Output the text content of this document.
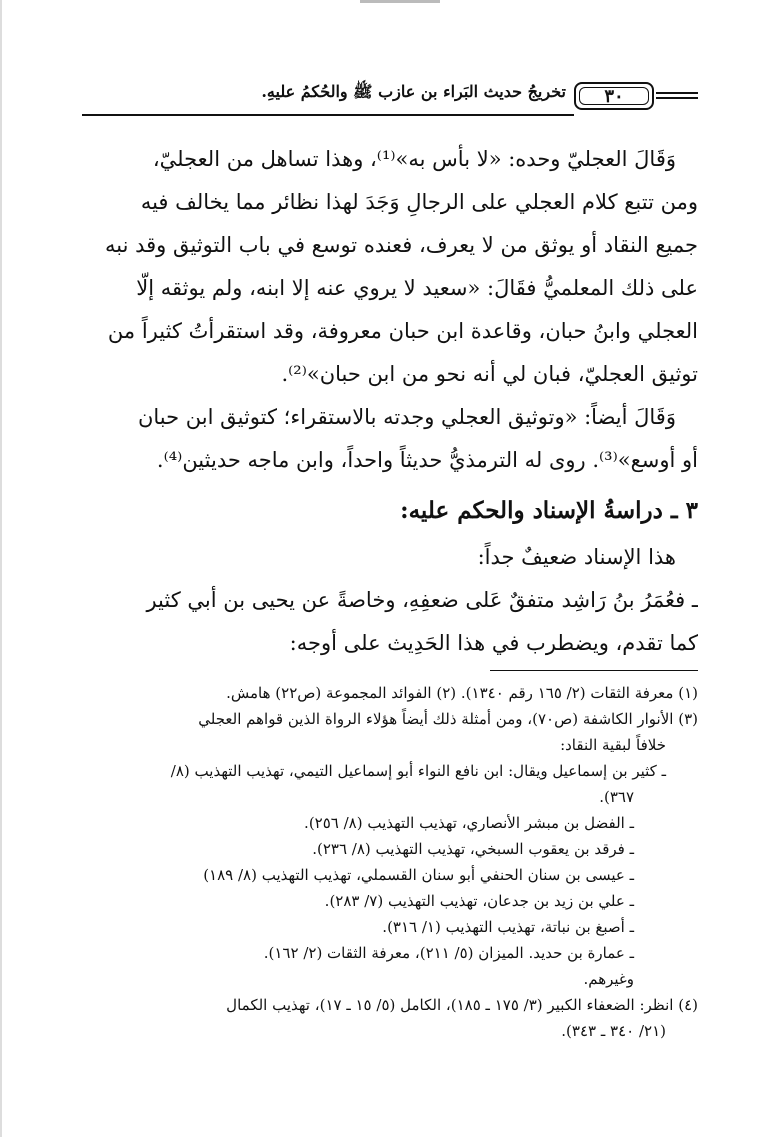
٣٠
تخريجُ حديث البَراء بن عازب ﷺ والحُكمُ عليهِ.
وَقَالَ العجليّ وحده: «لا بأس به»⁽¹⁾، وهذا تساهل من العجليّ،
ومن تتبع كلام العجلي على الرجالِ وَجَدَ لهذا نظائر مما يخالف فيه
جميع النقاد أو يوثق من لا يعرف، فعنده توسع في باب التوثيق وقد نبه
على ذلك المعلميُّ فقَالَ: «سعيد لا يروي عنه إلا ابنه، ولم يوثقه إلّا
العجلي وابنُ حبان، وقاعدة ابن حبان معروفة، وقد استقرأتُ كثيراً من
توثيق العجليّ، فبان لي أنه نحو من ابن حبان»⁽²⁾.
وَقَالَ أيضاً: «وتوثيق العجلي وجدته بالاستقراء؛ كتوثيق ابن حبان
أو أوسع»⁽³⁾. روى له الترمذيُّ حديثاً واحداً، وابن ماجه حديثين⁽⁴⁾.
٣ ـ دراسةُ الإسناد والحكم عليه:
هذا الإسناد ضعيفٌ جداً:
ـ فعُمَرُ بنُ رَاشِد متفقٌ عَلى ضعفِهِ، وخاصةً عن يحيى بن أبي كثير
كما تقدم، ويضطرب في هذا الحَدِيث على أوجه:
(١) معرفة الثقات (٢/ ١٦٥ رقم ١٣٤٠). (٢) الفوائد المجموعة (ص٢٢) هامش.
(٣) الأنوار الكاشفة (ص٧٠)، ومن أمثلة ذلك أيضاً هؤلاء الرواة الذين قواهم العجلي
خلافاً لبقية النقاد:
ـ كثير بن إسماعيل ويقال: ابن نافع النواء أبو إسماعيل التيمي، تهذيب التهذيب (٨/
٣٦٧).
ـ الفضل بن مبشر الأنصاري، تهذيب التهذيب (٨/ ٢٥٦).
ـ فرقد بن يعقوب السبخي، تهذيب التهذيب (٨/ ٢٣٦).
ـ عيسى بن سنان الحنفي أبو سنان القسملي، تهذيب التهذيب (٨/ ١٨٩)
ـ علي بن زيد بن جدعان، تهذيب التهذيب (٧/ ٢٨٣).
ـ أصبغ بن نباتة، تهذيب التهذيب (١/ ٣١٦).
ـ عمارة بن حديد. الميزان (٥/ ٢١١)، معرفة الثقات (٢/ ١٦٢).
وغيرهم.
(٤) انظر: الضعفاء الكبير (٣/ ١٧٥ ـ ١٨٥)، الكامل (٥/ ١٥ ـ ١٧)، تهذيب الكمال
(٢١/ ٣٤٠ ـ ٣٤٣).
